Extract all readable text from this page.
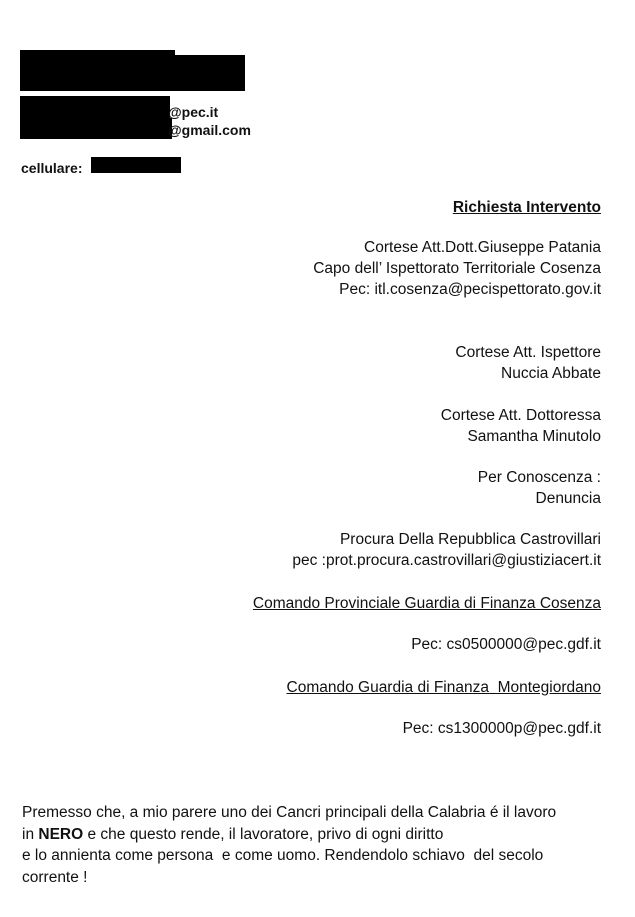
@pec.it
@gmail.com
cellulare:
Richiesta Intervento
Cortese Att.Dott.Giuseppe Patania
Capo dell’ Ispettorato Territoriale Cosenza
Pec: itl.cosenza@pecispettorato.gov.it
Cortese Att. Ispettore
Nuccia Abbate
Cortese Att. Dottoressa
Samantha Minutolo
Per Conoscenza :
Denuncia
Procura Della Repubblica Castrovillari
pec :prot.procura.castrovillari@giustiziacert.it
Comando Provinciale Guardia di Finanza Cosenza
Pec: cs0500000@pec.gdf.it
Comando Guardia di Finanza  Montegiordano
Pec: cs1300000p@pec.gdf.it
Premesso che, a mio parere uno dei Cancri principali della Calabria é il lavoro
in NERO e che questo rende, il lavoratore, privo di ogni diritto
e lo annienta come persona  e come uomo. Rendendolo schiavo  del secolo
corrente !
